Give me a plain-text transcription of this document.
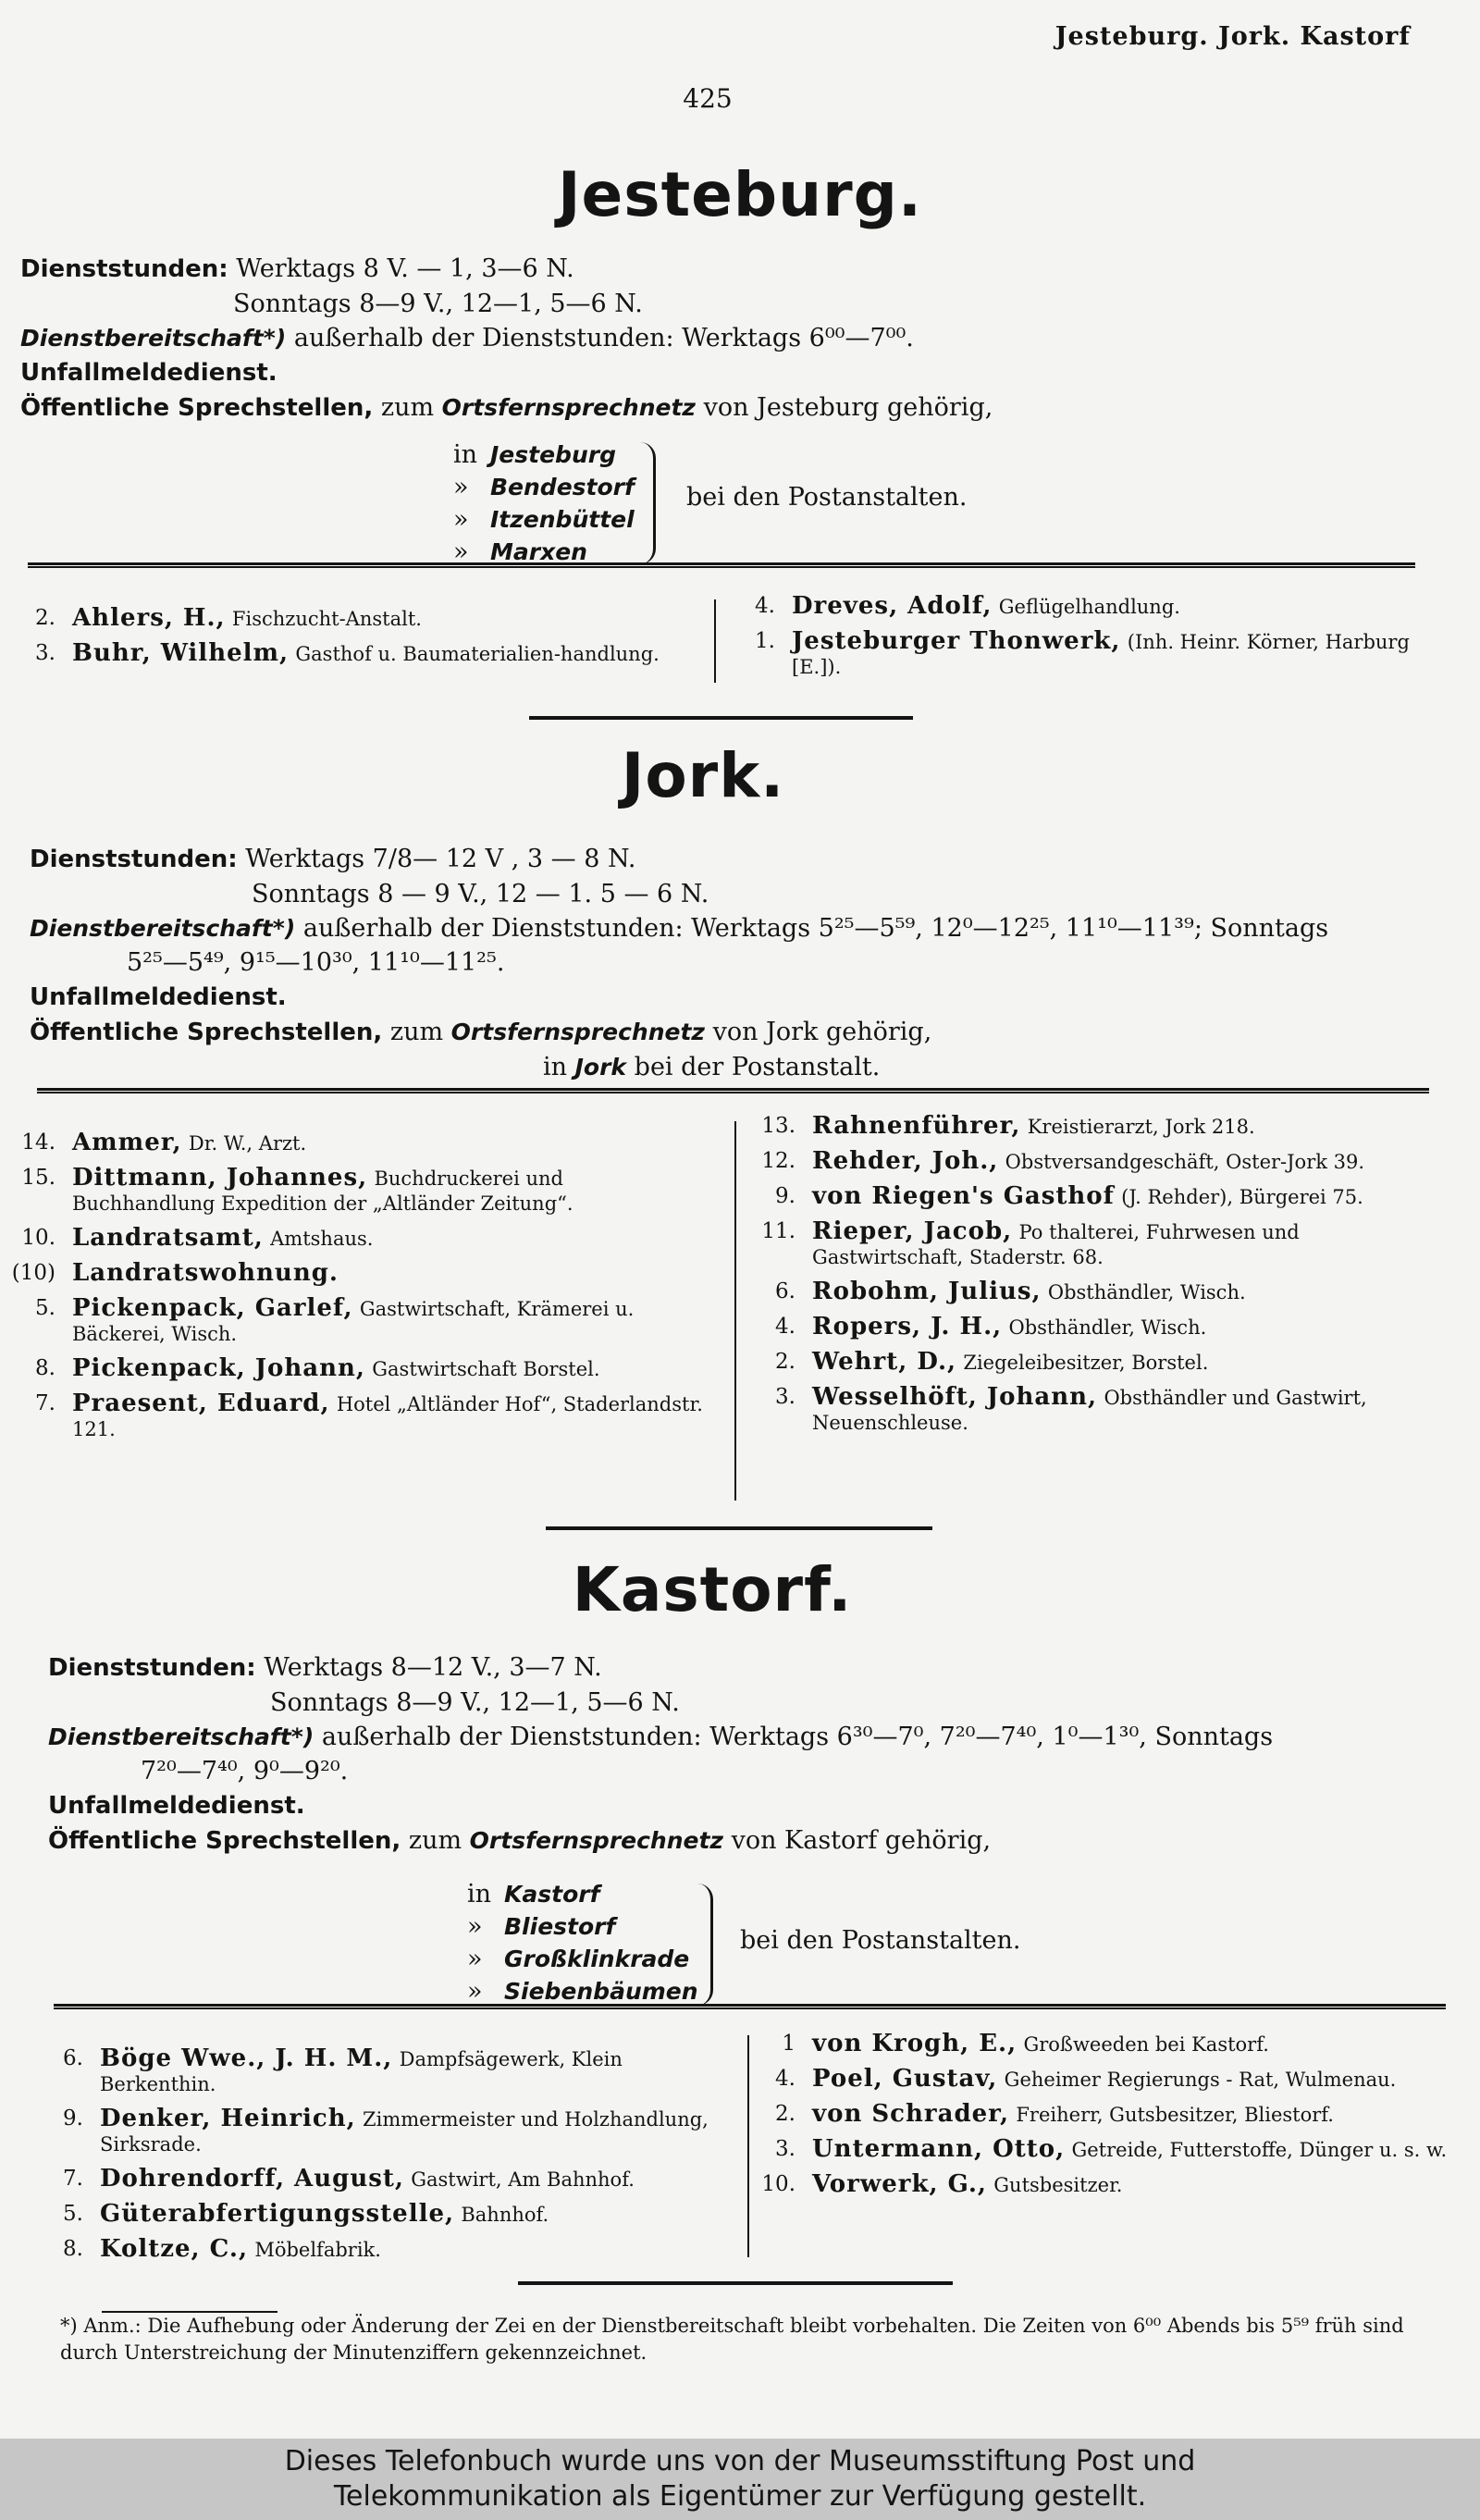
Jesteburg. Jork. Kastorf
425
Jesteburg.
Dienststunden: Werktags 8 V. — 1, 3—6 N.
Sonntags 8—9 V., 12—1, 5—6 N.
Dienstbereitschaft*) außerhalb der Dienststunden: Werktags 6⁰⁰—7⁰⁰.
Unfallmeldedienst.
Öffentliche Sprechstellen, zum Ortsfernsprechnetz von Jesteburg gehörig,
in Jesteburg
» Bendestorf
» Itzenbüttel
» Marxen
bei den Postanstalten.
2. Ahlers, H., Fischzucht-Anstalt.
3. Buhr, Wilhelm, Gasthof u. Baumaterialien-handlung.
4. Dreves, Adolf, Geflügelhandlung.
1. Jesteburger Thonwerk, (Inh. Heinr. Körner, Harburg [E.]).
Jork.
Dienststunden: Werktags 7/8— 12 V , 3 — 8 N.
Sonntags 8 — 9 V., 12 — 1. 5 — 6 N.
Dienstbereitschaft*) außerhalb der Dienststunden: Werktags 5²⁵—5⁵⁹, 12⁰—12²⁵, 11¹⁰—11³⁹; Sonntags
5²⁵—5⁴⁹, 9¹⁵—10³⁰, 11¹⁰—11²⁵.
Unfallmeldedienst.
Öffentliche Sprechstellen, zum Ortsfernsprechnetz von Jork gehörig,
in Jork bei der Postanstalt.
14. Ammer, Dr. W., Arzt.
15. Dittmann, Johannes, Buchdruckerei und Buchhandlung Expedition der „Altländer Zeitung“.
10. Landratsamt, Amtshaus.
(10) Landratswohnung.
5. Pickenpack, Garlef, Gastwirtschaft, Krämerei u. Bäckerei, Wisch.
8. Pickenpack, Johann, Gastwirtschaft Borstel.
7. Praesent, Eduard, Hotel „Altländer Hof“, Staderlandstr. 121.
13. Rahnenführer, Kreistierarzt, Jork 218.
12. Rehder, Joh., Obstversandgeschäft, Oster-Jork 39.
9. von Riegen's Gasthof (J. Rehder), Bürgerei 75.
11. Rieper, Jacob, Po thalterei, Fuhrwesen und Gastwirtschaft, Staderstr. 68.
6. Robohm, Julius, Obsthändler, Wisch.
4. Ropers, J. H., Obsthändler, Wisch.
2. Wehrt, D., Ziegeleibesitzer, Borstel.
3. Wesselhöft, Johann, Obsthändler und Gastwirt, Neuenschleuse.
Kastorf.
Dienststunden: Werktags 8—12 V., 3—7 N.
Sonntags 8—9 V., 12—1, 5—6 N.
Dienstbereitschaft*) außerhalb der Dienststunden: Werktags 6³⁰—7⁰, 7²⁰—7⁴⁰, 1⁰—1³⁰, Sonntags
7²⁰—7⁴⁰, 9⁰—9²⁰.
Unfallmeldedienst.
Öffentliche Sprechstellen, zum Ortsfernsprechnetz von Kastorf gehörig,
in Kastorf
» Bliestorf
» Großklinkrade
» Siebenbäumen
bei den Postanstalten.
6. Böge Wwe., J. H. M., Dampfsägewerk, Klein Berkenthin.
9. Denker, Heinrich, Zimmermeister und Holzhandlung, Sirksrade.
7. Dohrendorff, August, Gastwirt, Am Bahnhof.
5. Güterabfertigungsstelle, Bahnhof.
8. Koltze, C., Möbelfabrik.
1 von Krogh, E., Großweeden bei Kastorf.
4. Poel, Gustav, Geheimer Regierungs - Rat, Wulmenau.
2. von Schrader, Freiherr, Gutsbesitzer, Bliestorf.
3. Untermann, Otto, Getreide, Futterstoffe, Dünger u. s. w.
10. Vorwerk, G., Gutsbesitzer.
*) Anm.: Die Aufhebung oder Änderung der Zei en der Dienstbereitschaft bleibt vorbehalten. Die Zeiten von 6⁰⁰ Abends bis 5⁵⁹ früh sind durch Unterstreichung der Minutenziffern gekennzeichnet.
Dieses Telefonbuch wurde uns von der Museumsstiftung Post und
Telekommunikation als Eigentümer zur Verfügung gestellt.
